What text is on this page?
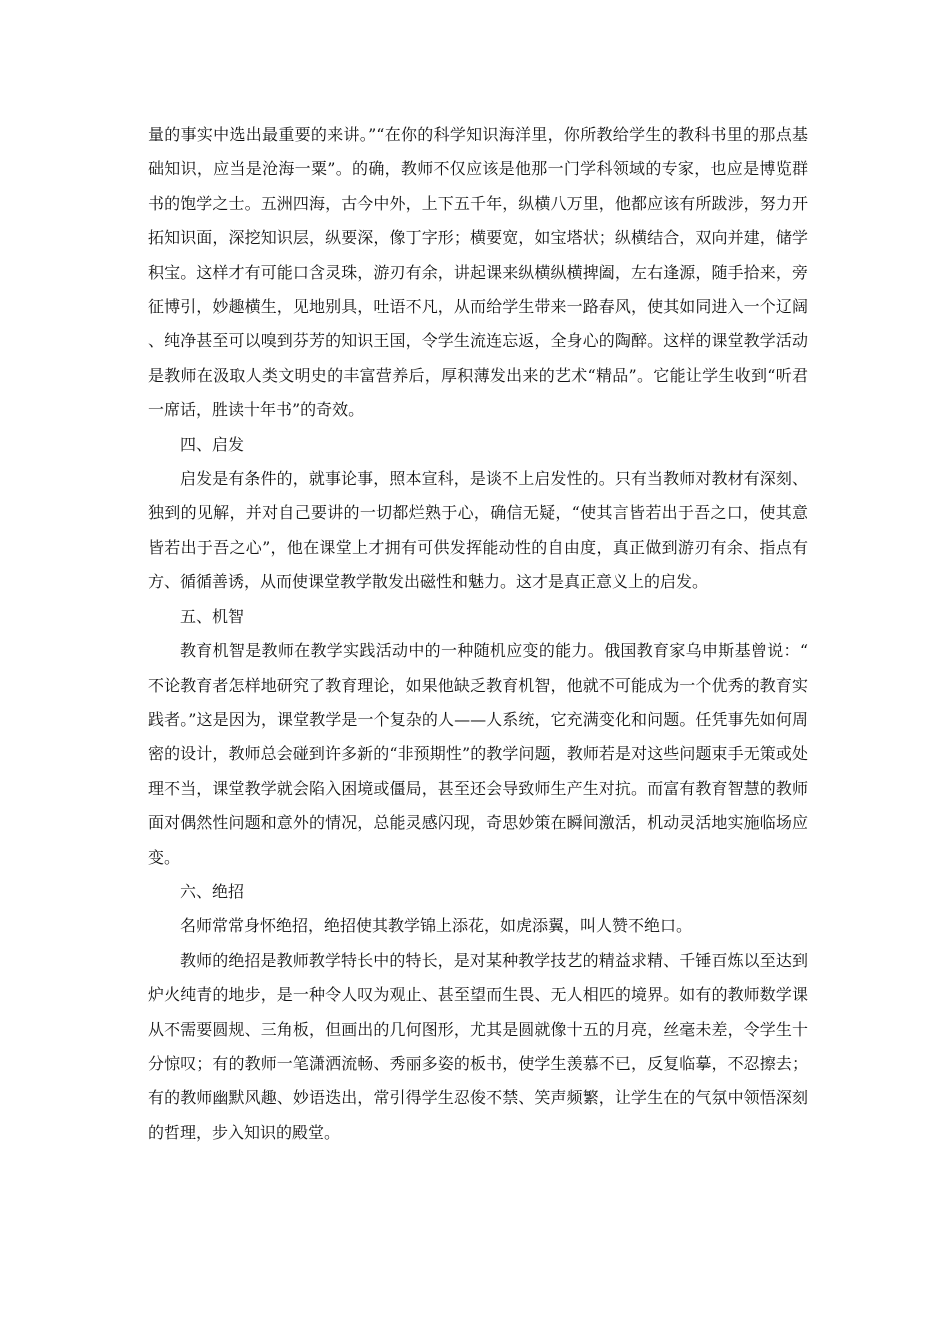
量的事实中选出最重要的来讲。”“在你的科学知识海洋里，你所教给学生的教科书里的那点基础知识，应当是沧海一粟”。的确，教师不仅应该是他那一门学科领域的专家，也应是博览群书的饱学之士。五洲四海，古今中外，上下五千年，纵横八万里，他都应该有所跋涉，努力开拓知识面，深挖知识层，纵要深，像丁字形；横要宽，如宝塔状；纵横结合，双向并建，储学积宝。这样才有可能口含灵珠，游刃有余，讲起课来纵横纵横捭阖，左右逢源，随手拾来，旁征博引，妙趣横生，见地别具，吐语不凡，从而给学生带来一路春风，使其如同进入一个辽阔、纯净甚至可以嗅到芬芳的知识王国，令学生流连忘返，全身心的陶醉。这样的课堂教学活动是教师在汲取人类文明史的丰富营养后，厚积薄发出来的艺术“精品”。它能让学生收到“听君一席话，胜读十年书”的奇效。

四、启发

启发是有条件的，就事论事，照本宣科，是谈不上启发性的。只有当教师对教材有深刻、独到的见解，并对自己要讲的一切都烂熟于心，确信无疑，“使其言皆若出于吾之口，使其意皆若出于吾之心”，他在课堂上才拥有可供发挥能动性的自由度，真正做到游刃有余、指点有方、循循善诱，从而使课堂教学散发出磁性和魅力。这才是真正意义上的启发。

五、机智

教育机智是教师在教学实践活动中的一种随机应变的能力。俄国教育家乌申斯基曾说：“不论教育者怎样地研究了教育理论，如果他缺乏教育机智，他就不可能成为一个优秀的教育实践者。”这是因为，课堂教学是一个复杂的人——人系统，它充满变化和问题。任凭事先如何周密的设计，教师总会碰到许多新的“非预期性”的教学问题，教师若是对这些问题束手无策或处理不当，课堂教学就会陷入困境或僵局，甚至还会导致师生产生对抗。而富有教育智慧的教师面对偶然性问题和意外的情况，总能灵感闪现，奇思妙策在瞬间激活，机动灵活地实施临场应变。

六、绝招

名师常常身怀绝招，绝招使其教学锦上添花，如虎添翼，叫人赞不绝口。

教师的绝招是教师教学特长中的特长，是对某种教学技艺的精益求精、千锤百炼以至达到炉火纯青的地步，是一种令人叹为观止、甚至望而生畏、无人相匹的境界。如有的教师数学课从不需要圆规、三角板，但画出的几何图形，尤其是圆就像十五的月亮，丝毫未差，令学生十分惊叹；有的教师一笔潇洒流畅、秀丽多姿的板书，使学生羡慕不已，反复临摹，不忍擦去；有的教师幽默风趣、妙语迭出，常引得学生忍俊不禁、笑声频繁，让学生在的气氛中领悟深刻的哲理，步入知识的殿堂。
